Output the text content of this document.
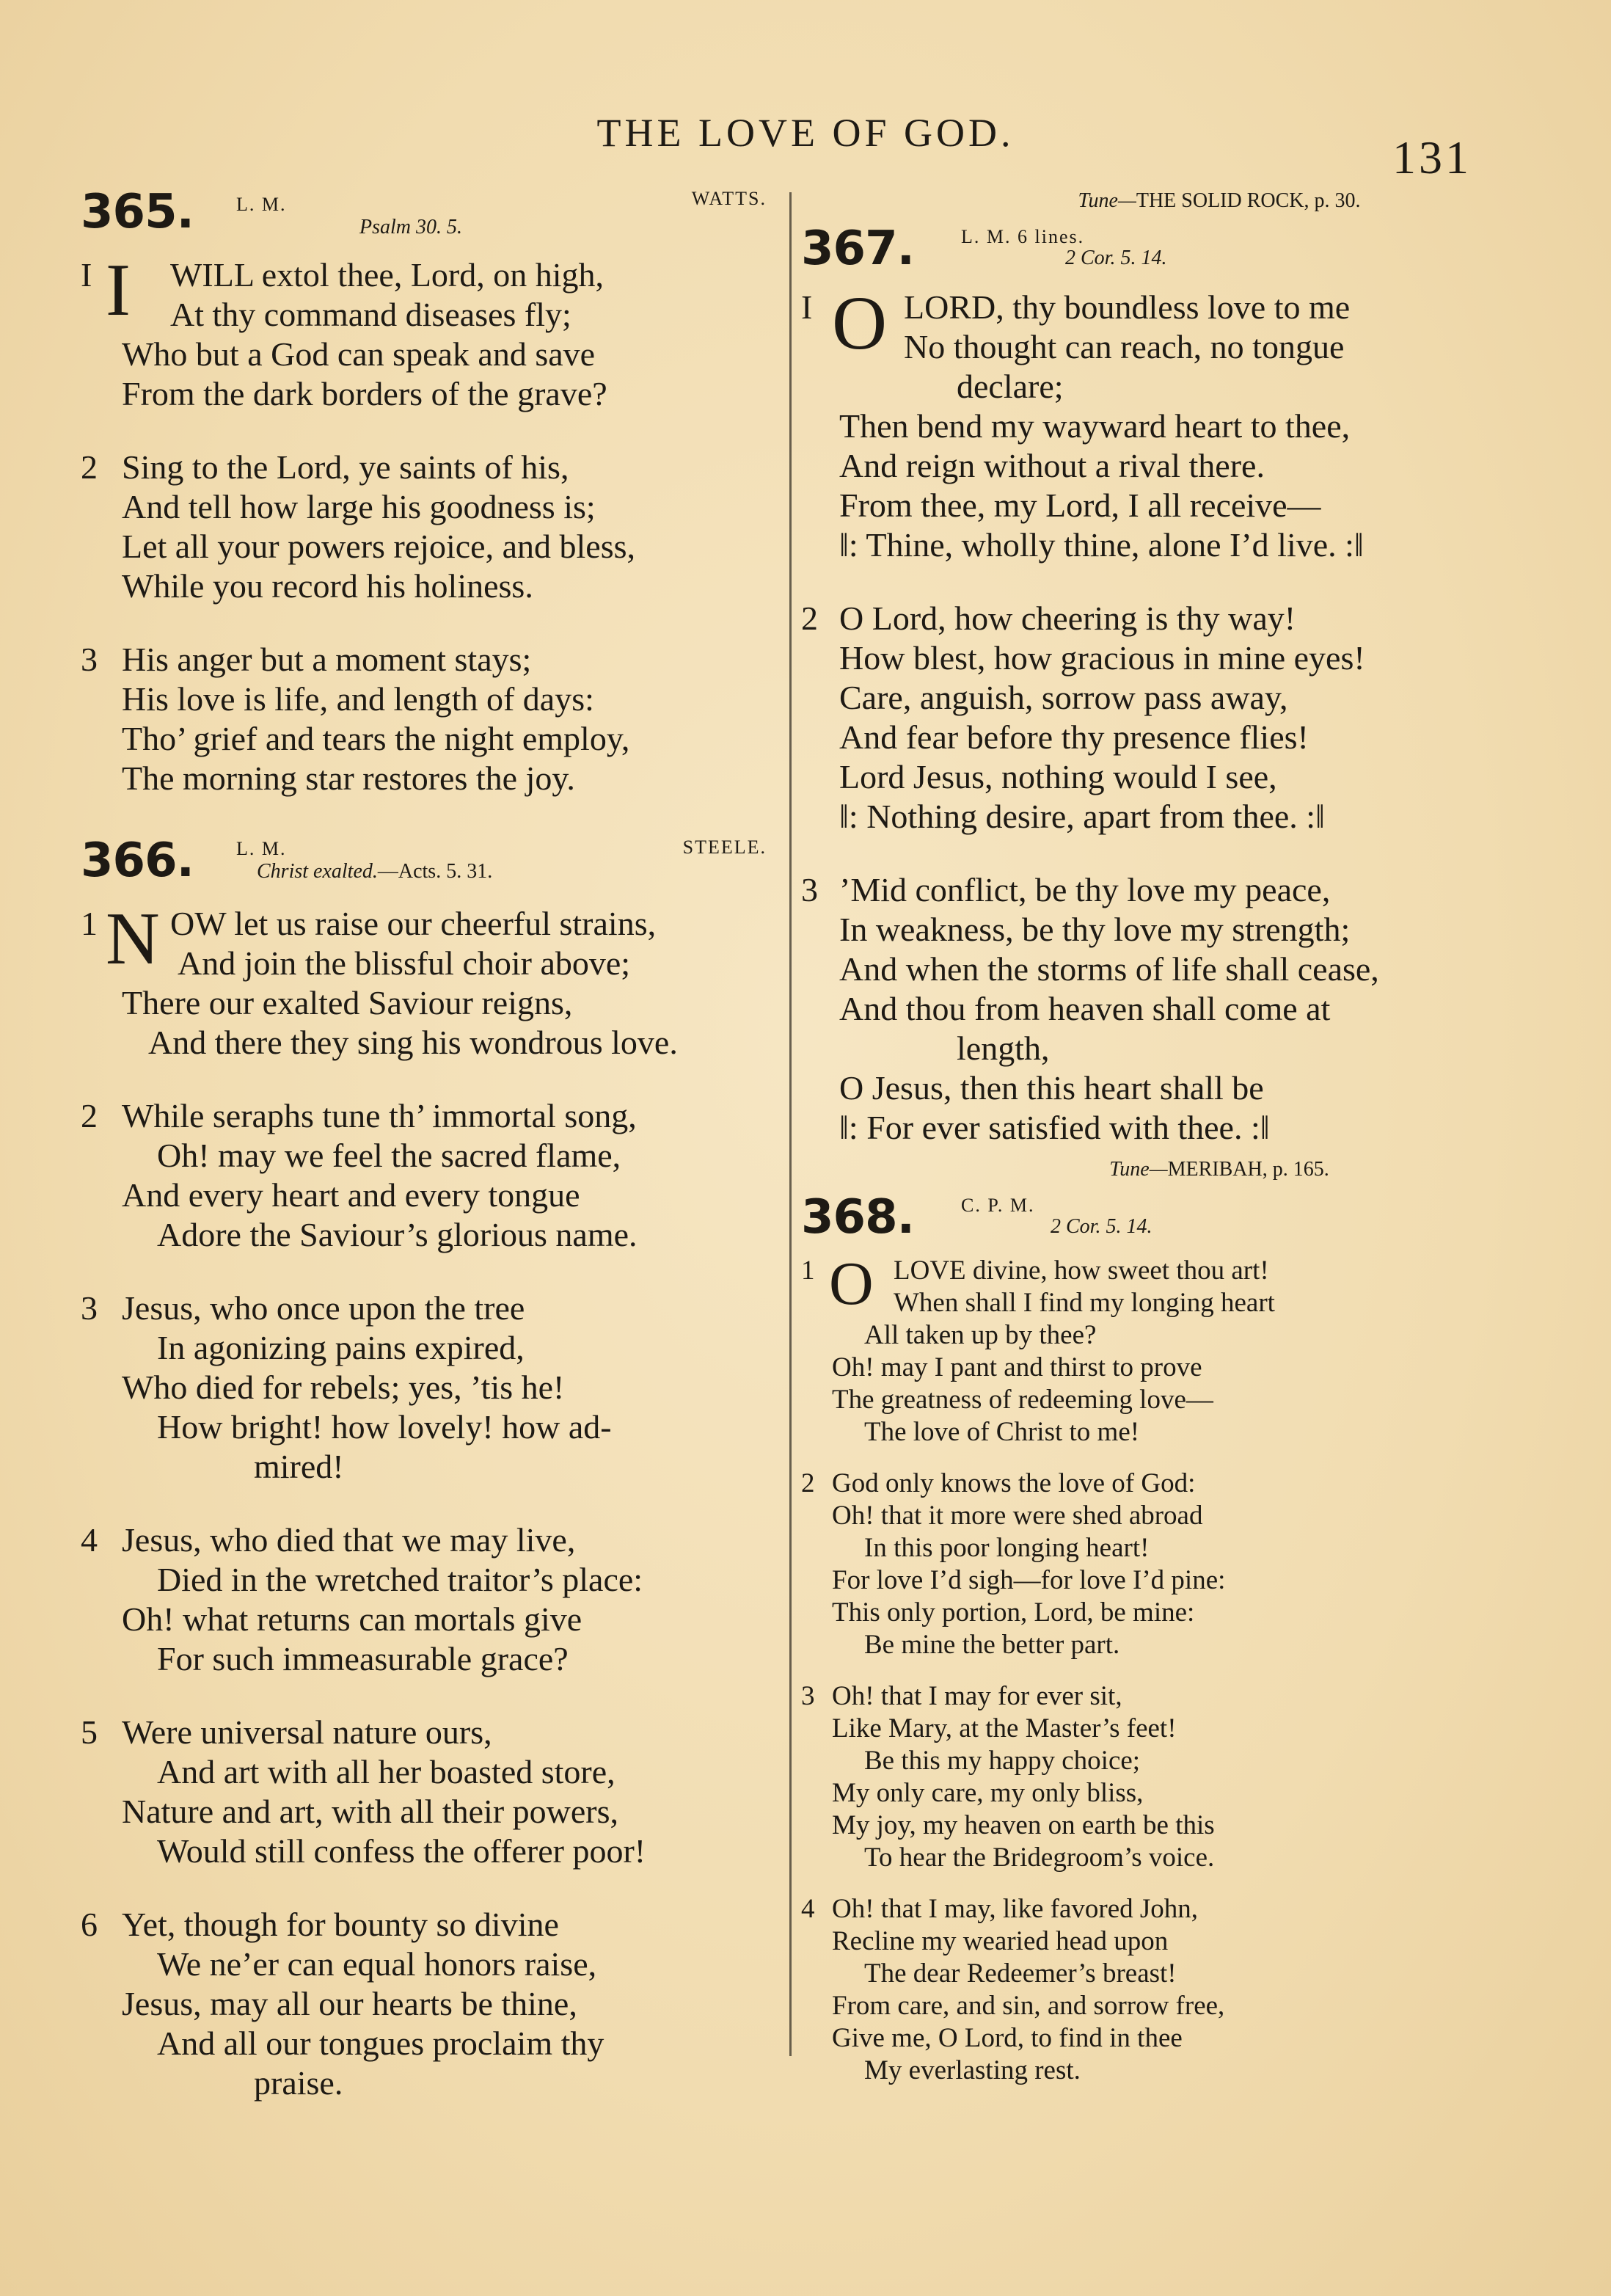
THE LOVE OF GOD.	131
365. L. M.
Psalm 30. 5.
WATTS.
I I	WILL extol thee, Lord, on high,
At thy command diseases fly;
Who but a God can speak and save
From the dark borders of the grave?
2 Sing to the Lord, ye saints of his,
And tell how large his goodness is;
Let all your powers rejoice, and bless,
While you record his holiness.
3 His anger but a moment stays;
His love is life, and length of days:
Tho’ grief and tears the night employ,
The morning star restores the joy.
366. L. M.
Christ exalted.—Acts. 5. 31.
STEELE.
1 N OW let us raise our cheerful strains,
And join the blissful choir above;
There our exalted Saviour reigns,
And there they sing his wondrous love.
2 While seraphs tune th’ immortal song,
Oh! may we feel the sacred flame,
And every heart and every tongue
Adore the Saviour’s glorious name.
3 Jesus, who once upon the tree
In agonizing pains expired,
Who died for rebels; yes, ’tis he!
How bright! how lovely! how ad-
mired!
4 Jesus, who died that we may live,
Died in the wretched traitor’s place:
Oh! what returns can mortals give
For such immeasurable grace?
5 Were universal nature ours,
And art with all her boasted store,
Nature and art, with all their powers,
Would still confess the offerer poor!
6 Yet, though for bounty so divine
We ne’er can equal honors raise,
Jesus, may all our hearts be thine,
And all our tongues proclaim thy
praise.
Tune—THE SOLID ROCK, p. 30.
367. L. M. 6 lines.
2 Cor. 5. 14.
I O LORD, thy boundless love to me
No thought can reach, no tongue
declare;
Then bend my wayward heart to thee,
And reign without a rival there.
From thee, my Lord, I all receive—
‖: Thine, wholly thine, alone I’d live. :‖
2 O Lord, how cheering is thy way!
How blest, how gracious in mine eyes!
Care, anguish, sorrow pass away,
And fear before thy presence flies!
Lord Jesus, nothing would I see,
‖: Nothing desire, apart from thee. :‖
3 ’Mid conflict, be thy love my peace,
In weakness, be thy love my strength;
And when the storms of life shall cease,
And thou from heaven shall come at
length,
O Jesus, then this heart shall be
‖: For ever satisfied with thee. :‖
Tune—MERIBAH, p. 165.
368. C. P. M.
2 Cor. 5. 14.
1 O LOVE divine, how sweet thou art!
When shall I find my longing heart
All taken up by thee?
Oh! may I pant and thirst to prove
The greatness of redeeming love—
The love of Christ to me!
2 God only knows the love of God:
Oh! that it more were shed abroad
In this poor longing heart!
For love I’d sigh—for love I’d pine:
This only portion, Lord, be mine:
Be mine the better part.
3 Oh! that I may for ever sit,
Like Mary, at the Master’s feet!
Be this my happy choice;
My only care, my only bliss,
My joy, my heaven on earth be this
To hear the Bridegroom’s voice.
4 Oh! that I may, like favored John,
Recline my wearied head upon
The dear Redeemer’s breast!
From care, and sin, and sorrow free,
Give me, O Lord, to find in thee
My everlasting rest.
